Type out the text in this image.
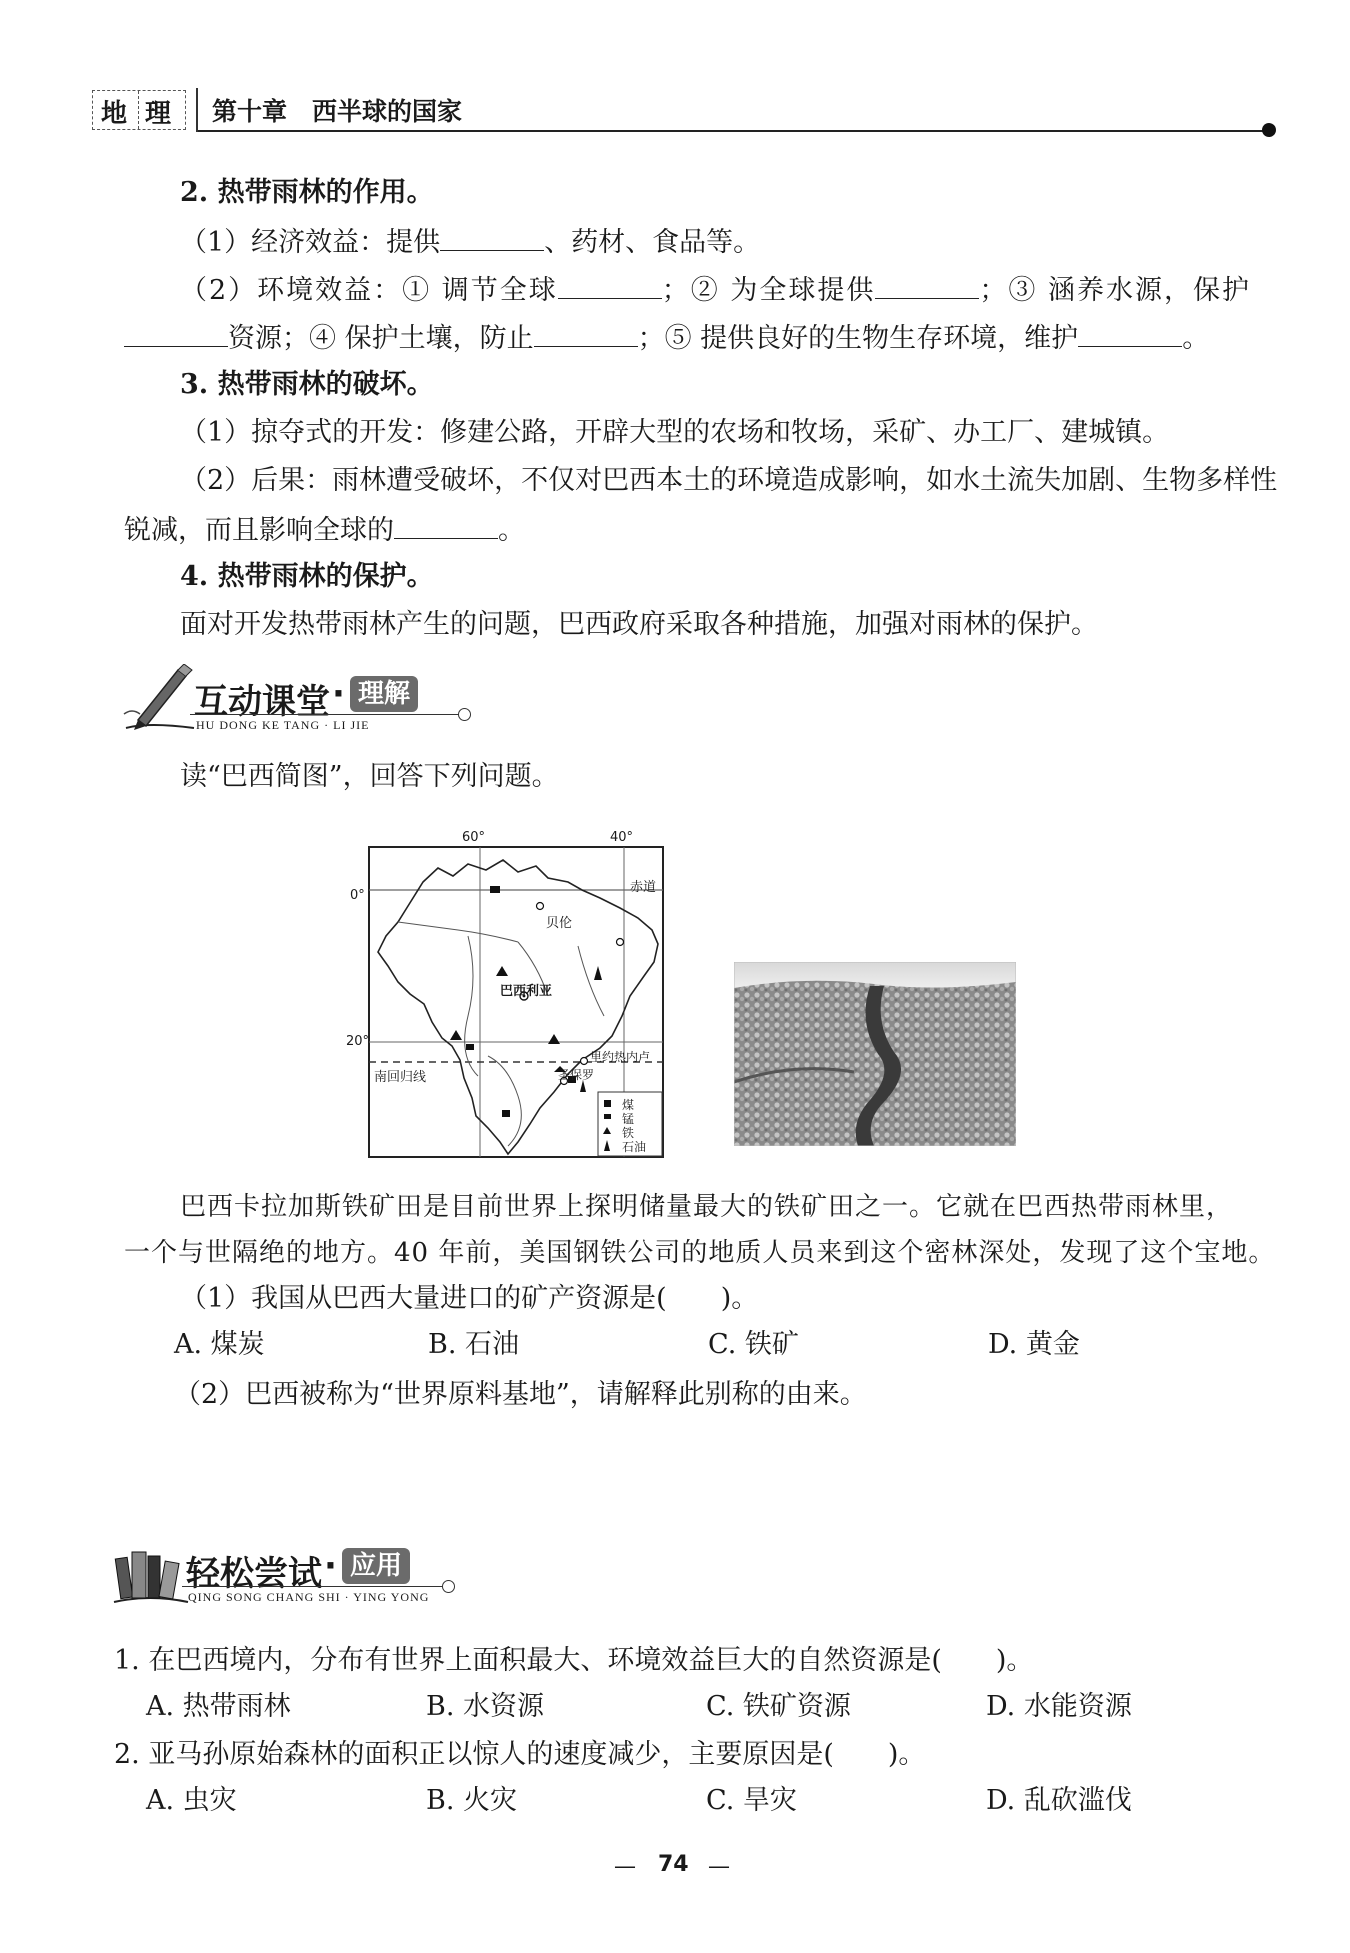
地 理 第十章　西半球的国家
2. 热带雨林的作用。
（1）经济效益：提供	、药材、食品等。
（2）环境效益：① 调节全球	；② 为全球提供	；③ 涵养水源，保护
资源；④ 保护土壤，防止	；⑤ 提供良好的生物生存环境，维护	。
3. 热带雨林的破坏。
（1）掠夺式的开发：修建公路，开辟大型的农场和牧场，采矿、办工厂、建城镇。
（2）后果：雨林遭受破坏，不仅对巴西本土的环境造成影响，如水土流失加剧、生物多样性
锐减，而且影响全球的	。
4. 热带雨林的保护。
面对开发热带雨林产生的问题，巴西政府采取各种措施，加强对雨林的保护。
互动课堂 · 理解
HU DONG KE TANG · LI JIE
读“巴西简图”，回答下列问题。
60°	40°
0°
20°
赤道
南回归线
贝伦
巴西利亚
里约热内卢
圣保罗
煤
锰
铁
石油
巴西卡拉加斯铁矿田是目前世界上探明储量最大的铁矿田之一。它就在巴西热带雨林里，
一个与世隔绝的地方。40 年前，美国钢铁公司的地质人员来到这个密林深处，发现了这个宝地。
（1）我国从巴西大量进口的矿产资源是(　　)。
A. 煤炭	B. 石油	C. 铁矿	D. 黄金
（2）巴西被称为“世界原料基地”，请解释此别称的由来。
轻松尝试 · 应用
QING SONG CHANG SHI · YING YONG
1. 在巴西境内，分布有世界上面积最大、环境效益巨大的自然资源是(　　)。
A. 热带雨林	B. 水资源	C. 铁矿资源	D. 水能资源
2. 亚马孙原始森林的面积正以惊人的速度减少，主要原因是(　　)。
A. 虫灾	B. 火灾	C. 旱灾	D. 乱砍滥伐
— 74 —
